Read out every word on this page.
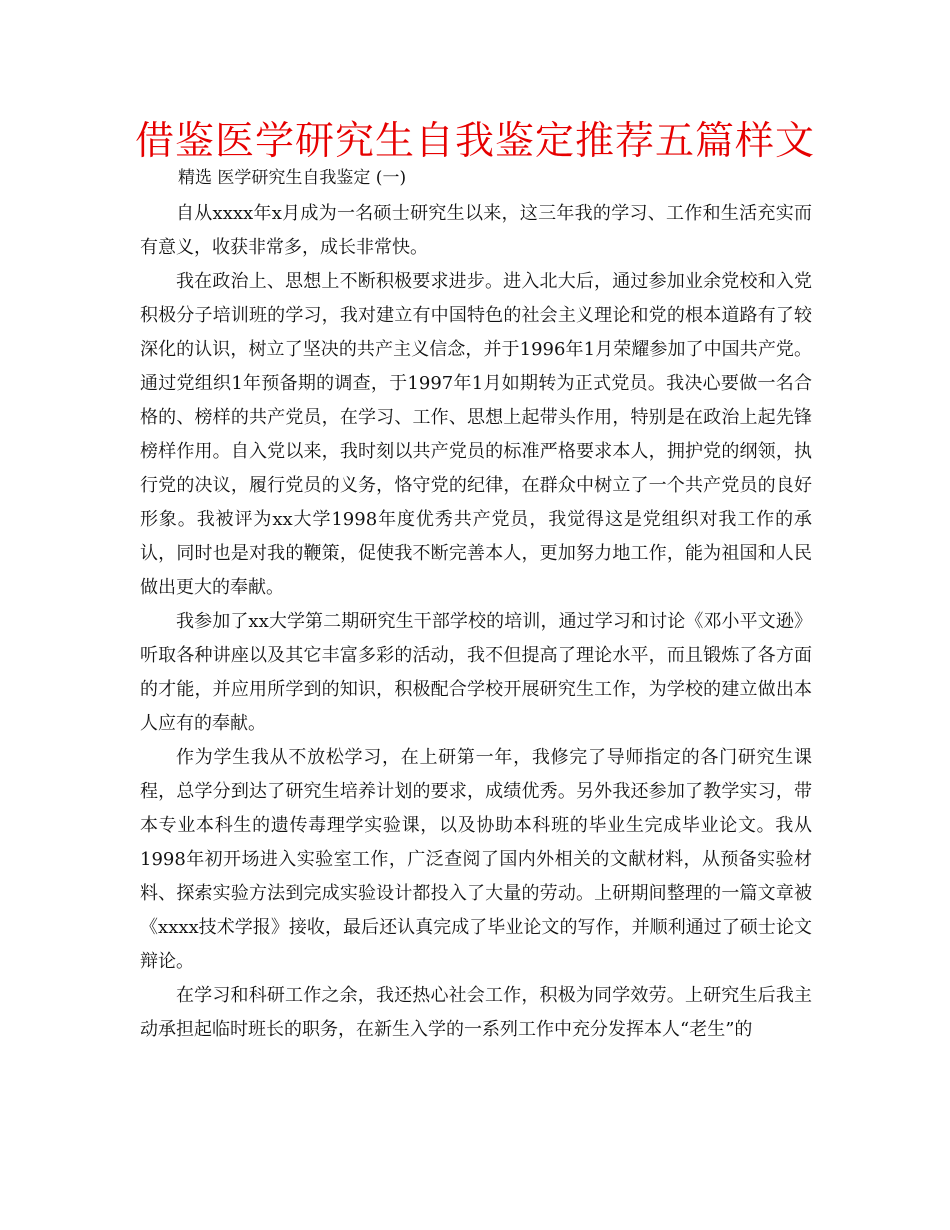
借鉴医学研究生自我鉴定推荐五篇样文
精选 医学研究生自我鉴定 (一)

自从xxxx年x月成为一名硕士研究生以来，这三年我的学习、工作和生活充实而有意义，收获非常多，成长非常快。

我在政治上、思想上不断积极要求进步。进入北大后，通过参加业余党校和入党积极分子培训班的学习，我对建立有中国特色的社会主义理论和党的根本道路有了较深化的认识，树立了坚决的共产主义信念，并于1996年1月荣耀参加了中国共产党。通过党组织1年预备期的调查，于1997年1月如期转为正式党员。我决心要做一名合格的、榜样的共产党员，在学习、工作、思想上起带头作用，特别是在政治上起先锋榜样作用。自入党以来，我时刻以共产党员的标准严格要求本人，拥护党的纲领，执行党的决议，履行党员的义务，恪守党的纪律，在群众中树立了一个共产党员的良好形象。我被评为xx大学1998年度优秀共产党员，我觉得这是党组织对我工作的承认，同时也是对我的鞭策，促使我不断完善本人，更加努力地工作，能为祖国和人民做出更大的奉献。

我参加了xx大学第二期研究生干部学校的培训，通过学习和讨论《邓小平文逊》听取各种讲座以及其它丰富多彩的活动，我不但提高了理论水平，而且锻炼了各方面的才能，并应用所学到的知识，积极配合学校开展研究生工作，为学校的建立做出本人应有的奉献。

作为学生我从不放松学习，在上研第一年，我修完了导师指定的各门研究生课程，总学分到达了研究生培养计划的要求，成绩优秀。另外我还参加了教学实习，带本专业本科生的遗传毒理学实验课，以及协助本科班的毕业生完成毕业论文。我从1998年初开场进入实验室工作，广泛查阅了国内外相关的文献材料，从预备实验材料、探索实验方法到完成实验设计都投入了大量的劳动。上研期间整理的一篇文章被《xxxx技术学报》接收，最后还认真完成了毕业论文的写作，并顺利通过了硕士论文辩论。

在学习和科研工作之余，我还热心社会工作，积极为同学效劳。上研究生后我主动承担起临时班长的职务，在新生入学的一系列工作中充分发挥本人“老生”的
